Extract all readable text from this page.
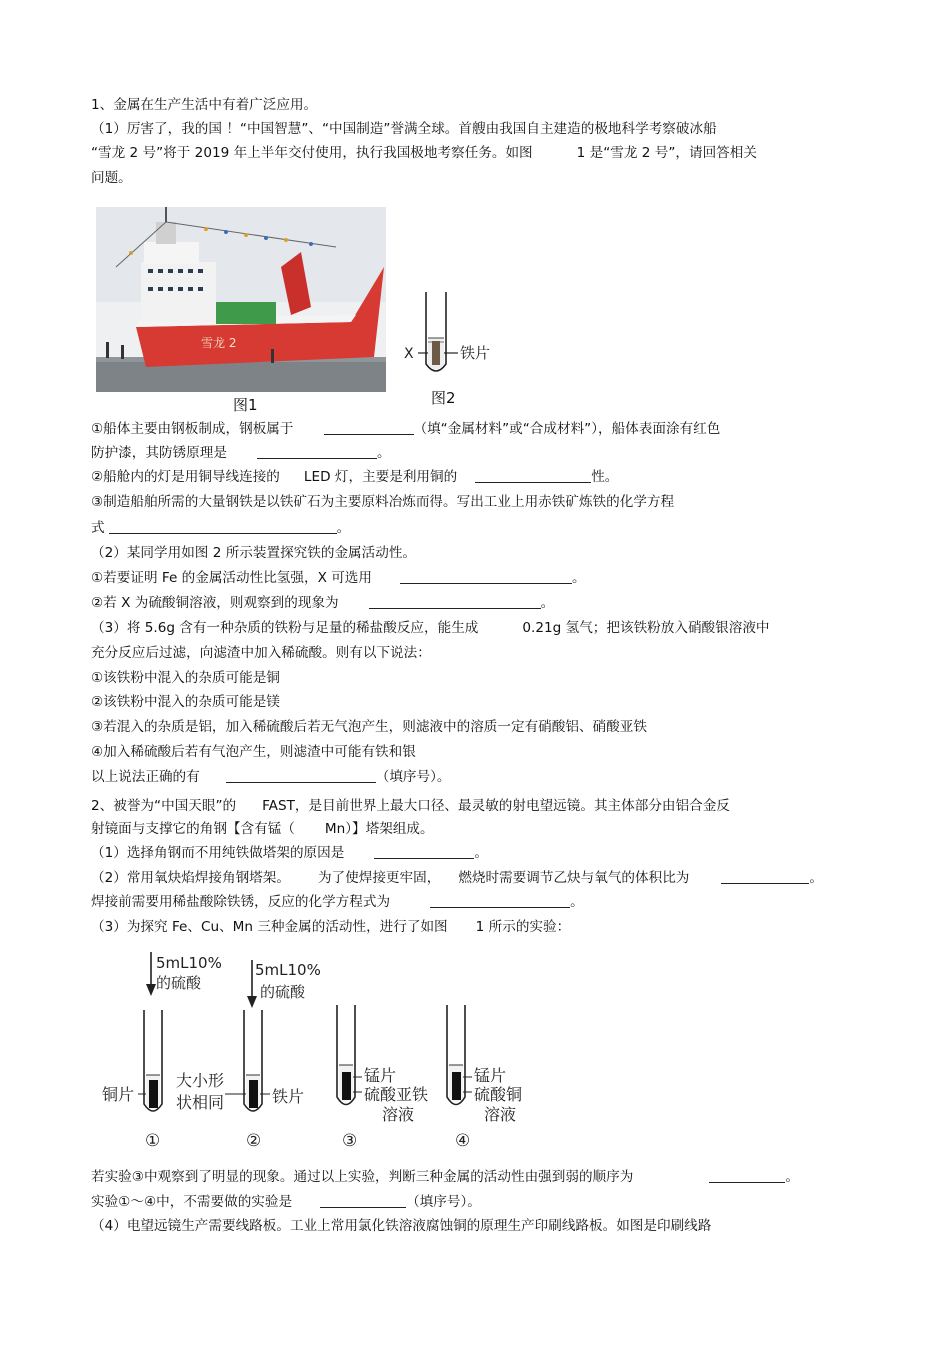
1、金属在生产生活中有着广泛应用。
（1）厉害了，我的国 ！“中国智慧”、“中国制造”誉满全球。首艘由我国自主建造的极地科学考察破冰船
“雪龙 2 号”将于 2019 年上半年交付使用，执行我国极地考察任务。如图	1 是“雪龙 2 号”，请回答相关
问题。
雪龙 2
图1
X	铁片
图2
①船体主要由钢板制成，钢板属于	（填“金属材料”或“合成材料”），船体表面涂有红色
防护漆，其防锈原理是	。
②船舱内的灯是用铜导线连接的 LED 灯，主要是利用铜的	性。
③制造船舶所需的大量钢铁是以铁矿石为主要原料冶炼而得。写出工业上用赤铁矿炼铁的化学方程
式	。
（2）某同学用如图 2 所示装置探究铁的金属活动性。
①若要证明 Fe 的金属活动性比氢强，X 可选用	。
②若 X 为硫酸铜溶液，则观察到的现象为	。
（3）将 5.6g 含有一种杂质的铁粉与足量的稀盐酸反应，能生成	0.21g 氢气；把该铁粉放入硝酸银溶液中
充分反应后过滤，向滤渣中加入稀硫酸。则有以下说法：
①该铁粉中混入的杂质可能是铜
②该铁粉中混入的杂质可能是镁
③若混入的杂质是铝，加入稀硫酸后若无气泡产生，则滤液中的溶质一定有硝酸铝、硝酸亚铁
④加入稀硫酸后若有气泡产生，则滤渣中可能有铁和银
以上说法正确的有	（填序号）。
2、被誉为“中国天眼”的 FAST，是目前世界上最大口径、最灵敏的射电望远镜。其主体部分由铝合金反
射镜面与支撑它的角钢【含有锰（ Mn）】塔架组成。
（1）选择角钢而不用纯铁做塔架的原因是	。
（2）常用氧炔焰焊接角钢塔架。 为了使焊接更牢固， 燃烧时需要调节乙炔与氧气的体积比为	。
焊接前需要用稀盐酸除铁锈，反应的化学方程式为	。
（3）为探究 Fe、Cu、Mn 三种金属的活动性，进行了如图 1 所示的实验：
5mL10%
的硫酸
5mL10%
的硫酸
铜片
大小形
状相同	铁片
锰片
硫酸亚铁
溶液
锰片
硫酸铜
溶液
①	②	③	④
若实验③中观察到了明显的现象。通过以上实验，判断三种金属的活动性由强到弱的顺序为	。
实验①～④中，不需要做的实验是	（填序号）。
（4）电望远镜生产需要线路板。工业上常用氯化铁溶液腐蚀铜的原理生产印刷线路板。如图是印刷线路
